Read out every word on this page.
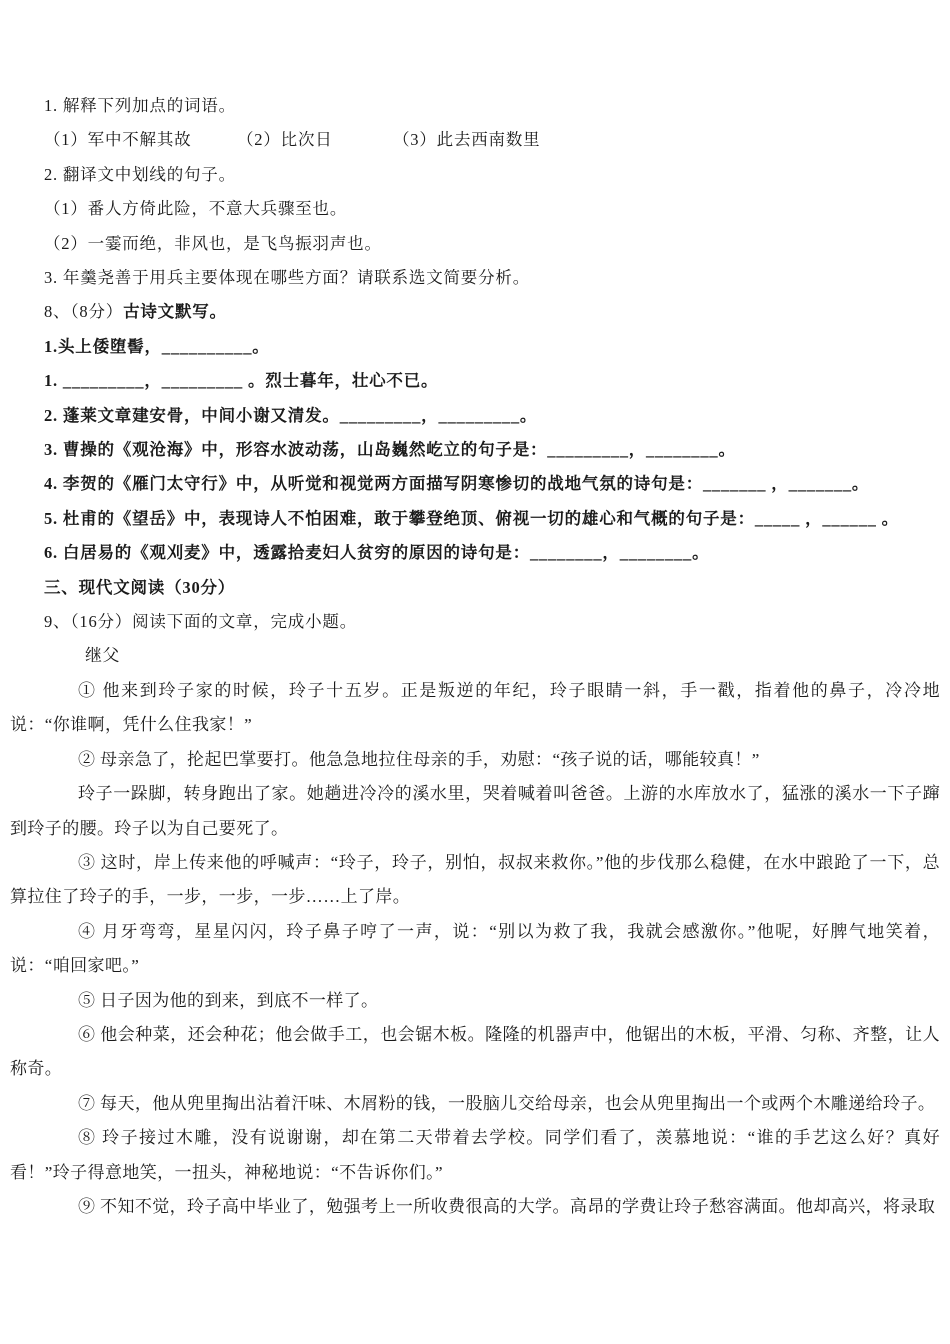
1. 解释下列加点的词语。
（1）军中不解其故	（2）比次日	（3）此去西南数里
2. 翻译文中划线的句子。
（1）番人方倚此险，不意大兵骤至也。
（2）一霎而绝，非风也，是飞鸟振羽声也。
3. 年羹尧善于用兵主要体现在哪些方面？请联系选文简要分析。
8、（8分）古诗文默写。
1.头上倭堕髻，__________。
1. _________，_________ 。烈士暮年，壮心不已。
2. 蓬莱文章建安骨，中间小谢又清发。_________，_________。
3. 曹操的《观沧海》中，形容水波动荡，山岛巍然屹立的句子是：_________，________。
4. 李贺的《雁门太守行》中，从听觉和视觉两方面描写阴寒惨切的战地气氛的诗句是：_______ ，_______。
5. 杜甫的《望岳》中，表现诗人不怕困难，敢于攀登绝顶、俯视一切的雄心和气概的句子是：_____ ，______ 。
6. 白居易的《观刈麦》中，透露拾麦妇人贫穷的原因的诗句是：________，________。
三、现代文阅读（30分）
9、（16分）阅读下面的文章，完成小题。
继父

① 他来到玲子家的时候，玲子十五岁。正是叛逆的年纪，玲子眼睛一斜，手一戳，指着他的鼻子，冷冷地说：“你谁啊，凭什么住我家！”

② 母亲急了，抡起巴掌要打。他急急地拉住母亲的手，劝慰：“孩子说的话，哪能较真！”

玲子一跺脚，转身跑出了家。她趟进冷冷的溪水里，哭着喊着叫爸爸。上游的水库放水了，猛涨的溪水一下子蹿到玲子的腰。玲子以为自己要死了。

③ 这时，岸上传来他的呼喊声：“玲子，玲子，别怕，叔叔来救你。”他的步伐那么稳健，在水中踉跄了一下，总算拉住了玲子的手，一步，一步，一步……上了岸。

④ 月牙弯弯，星星闪闪，玲子鼻子哼了一声，说：“别以为救了我，我就会感激你。”他呢，好脾气地笑着，说：“咱回家吧。”

⑤ 日子因为他的到来，到底不一样了。

⑥ 他会种菜，还会种花；他会做手工，也会锯木板。隆隆的机器声中，他锯出的木板，平滑、匀称、齐整，让人称奇。

⑦ 每天，他从兜里掏出沾着汗味、木屑粉的钱，一股脑儿交给母亲，也会从兜里掏出一个或两个木雕递给玲子。

⑧ 玲子接过木雕，没有说谢谢，却在第二天带着去学校。同学们看了，羡慕地说：“谁的手艺这么好？真好看！”玲子得意地笑，一扭头，神秘地说：“不告诉你们。”

⑨ 不知不觉，玲子高中毕业了，勉强考上一所收费很高的大学。高昂的学费让玲子愁容满面。他却高兴，将录取
